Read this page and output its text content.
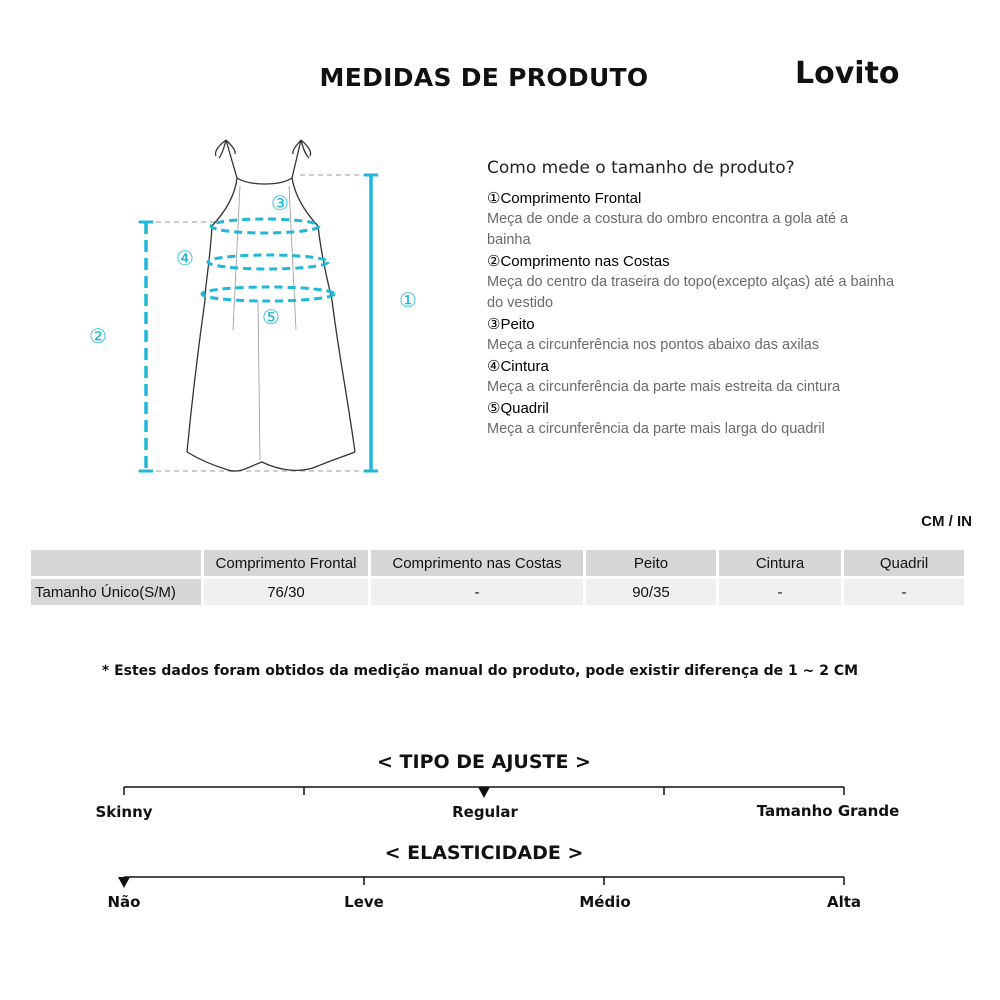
MEDIDAS DE PRODUTO	Lovito
①
②
③
④
⑤
Como mede o tamanho de produto?
①Comprimento Frontal
Meça de onde a costura do ombro encontra a gola até a
bainha
②Comprimento nas Costas
Meça do centro da traseira do topo(excepto alças) até a bainha
do vestido
③Peito
Meça a circunferência nos pontos abaixo das axilas
④Cintura
Meça a circunferência da parte mais estreita da cintura
⑤Quadril
Meça a circunferência da parte mais larga do quadril
CM / IN
	Comprimento Frontal	Comprimento nas Costas	Peito	Cintura	Quadril
Tamanho Único(S/M)	76/30	-	90/35	-	-
* Estes dados foram obtidos da medição manual do produto, pode existir diferença de 1 ~ 2 CM
< TIPO DE AJUSTE >
Skinny	Regular	Tamanho Grande
< ELASTICIDADE >
Não	Leve	Médio	Alta
